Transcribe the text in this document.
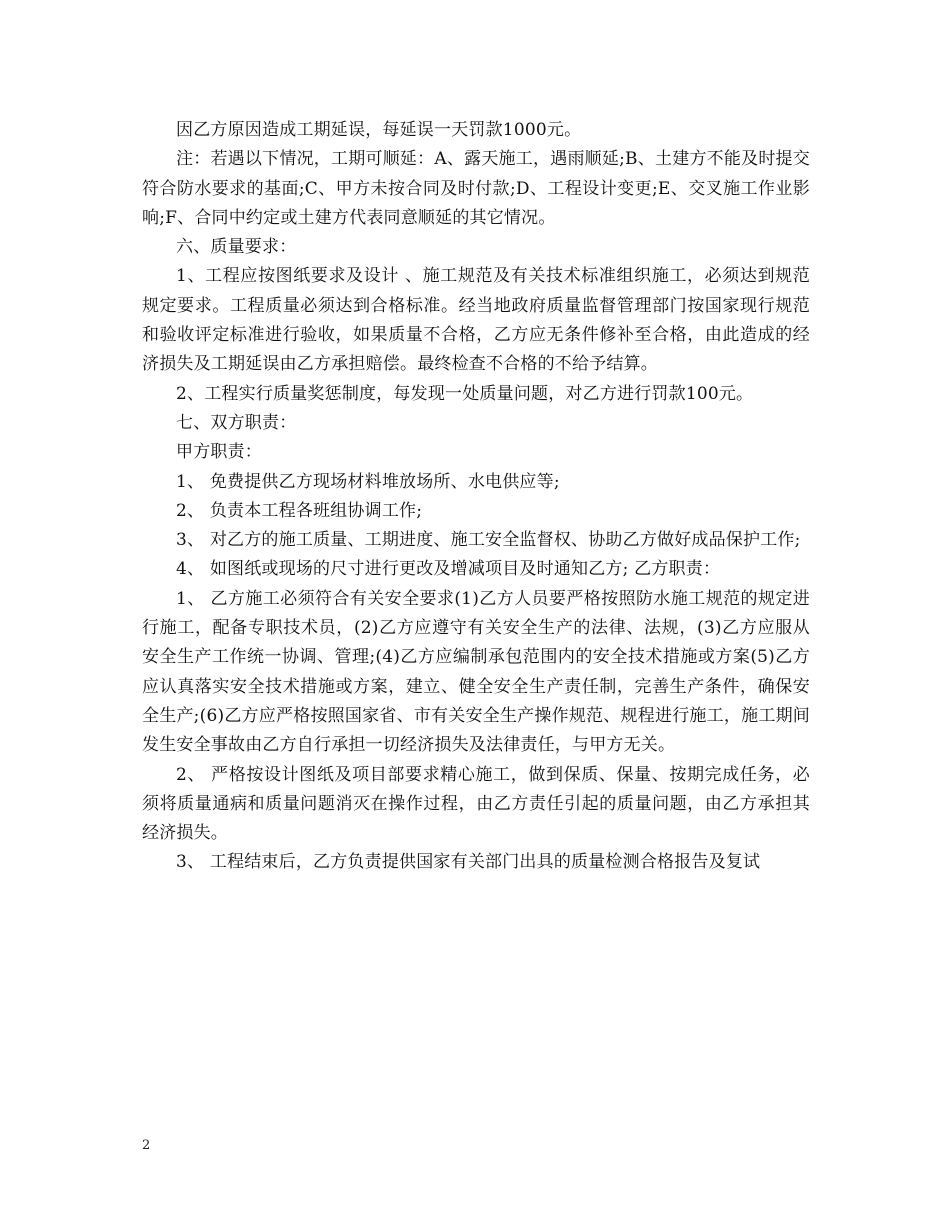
因乙方原因造成工期延误，每延误一天罚款1000元。

注：若遇以下情况，工期可顺延：A、露天施工，遇雨顺延;B、土建方不能及时提交符合防水要求的基面;C、甲方未按合同及时付款;D、工程设计变更;E、交叉施工作业影响;F、合同中约定或土建方代表同意顺延的其它情况。

六、质量要求：

1、工程应按图纸要求及设计 、施工规范及有关技术标准组织施工，必须达到规范规定要求。工程质量必须达到合格标准。经当地政府质量监督管理部门按国家现行规范和验收评定标准进行验收，如果质量不合格，乙方应无条件修补至合格，由此造成的经济损失及工期延误由乙方承担赔偿。最终检查不合格的不给予结算。

2、工程实行质量奖惩制度，每发现一处质量问题，对乙方进行罚款100元。

七、双方职责：

甲方职责：

1、 免费提供乙方现场材料堆放场所、水电供应等;

2、 负责本工程各班组协调工作;

3、 对乙方的施工质量、工期进度、施工安全监督权、协助乙方做好成品保护工作;

4、 如图纸或现场的尺寸进行更改及增减项目及时通知乙方; 乙方职责：

1、 乙方施工必须符合有关安全要求(1)乙方人员要严格按照防水施工规范的规定进行施工，配备专职技术员，(2)乙方应遵守有关安全生产的法律、法规，(3)乙方应服从安全生产工作统一协调、管理;(4)乙方应编制承包范围内的安全技术措施或方案(5)乙方应认真落实安全技术措施或方案，建立、健全安全生产责任制，完善生产条件，确保安全生产;(6)乙方应严格按照国家省、市有关安全生产操作规范、规程进行施工，施工期间发生安全事故由乙方自行承担一切经济损失及法律责任，与甲方无关。

2、 严格按设计图纸及项目部要求精心施工，做到保质、保量、按期完成任务，必须将质量通病和质量问题消灭在操作过程，由乙方责任引起的质量问题，由乙方承担其经济损失。

3、 工程结束后，乙方负责提供国家有关部门出具的质量检测合格报告及复试

2
